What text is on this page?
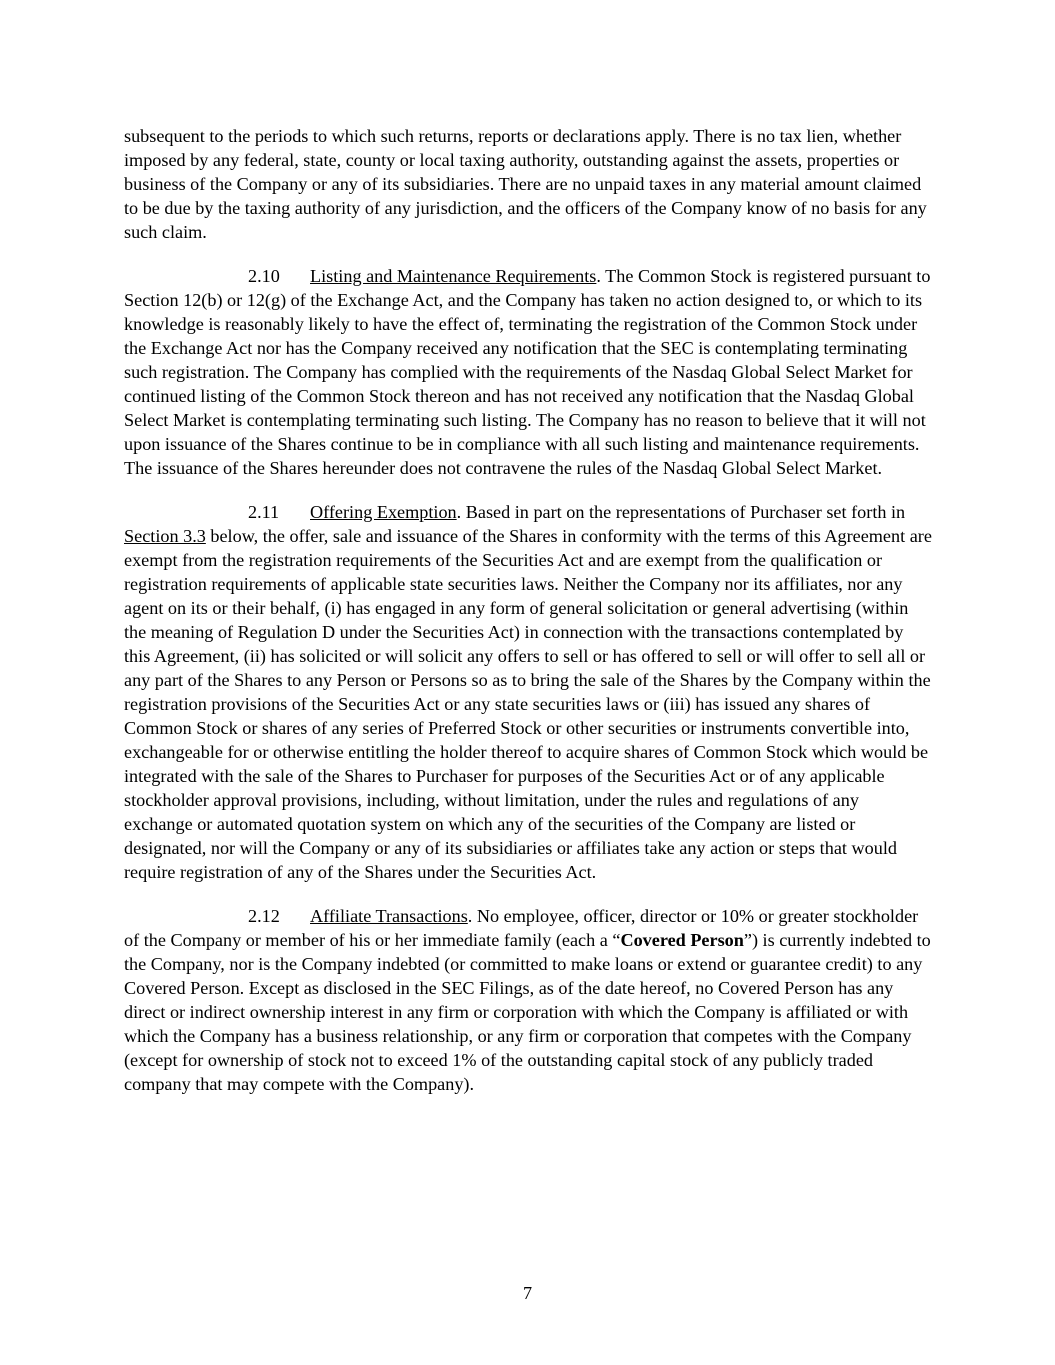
subsequent to the periods to which such returns, reports or declarations apply. There is no tax lien, whether imposed by any federal, state, county or local taxing authority, outstanding against the assets, properties or business of the Company or any of its subsidiaries. There are no unpaid taxes in any material amount claimed to be due by the taxing authority of any jurisdiction, and the officers of the Company know of no basis for any such claim.

2.10 Listing and Maintenance Requirements. The Common Stock is registered pursuant to Section 12(b) or 12(g) of the Exchange Act, and the Company has taken no action designed to, or which to its knowledge is reasonably likely to have the effect of, terminating the registration of the Common Stock under the Exchange Act nor has the Company received any notification that the SEC is contemplating terminating such registration. The Company has complied with the requirements of the Nasdaq Global Select Market for continued listing of the Common Stock thereon and has not received any notification that the Nasdaq Global Select Market is contemplating terminating such listing. The Company has no reason to believe that it will not upon issuance of the Shares continue to be in compliance with all such listing and maintenance requirements. The issuance of the Shares hereunder does not contravene the rules of the Nasdaq Global Select Market.

2.11 Offering Exemption. Based in part on the representations of Purchaser set forth in Section 3.3 below, the offer, sale and issuance of the Shares in conformity with the terms of this Agreement are exempt from the registration requirements of the Securities Act and are exempt from the qualification or registration requirements of applicable state securities laws. Neither the Company nor its affiliates, nor any agent on its or their behalf, (i) has engaged in any form of general solicitation or general advertising (within the meaning of Regulation D under the Securities Act) in connection with the transactions contemplated by this Agreement, (ii) has solicited or will solicit any offers to sell or has offered to sell or will offer to sell all or any part of the Shares to any Person or Persons so as to bring the sale of the Shares by the Company within the registration provisions of the Securities Act or any state securities laws or (iii) has issued any shares of Common Stock or shares of any series of Preferred Stock or other securities or instruments convertible into, exchangeable for or otherwise entitling the holder thereof to acquire shares of Common Stock which would be integrated with the sale of the Shares to Purchaser for purposes of the Securities Act or of any applicable stockholder approval provisions, including, without limitation, under the rules and regulations of any exchange or automated quotation system on which any of the securities of the Company are listed or designated, nor will the Company or any of its subsidiaries or affiliates take any action or steps that would require registration of any of the Shares under the Securities Act.

2.12 Affiliate Transactions. No employee, officer, director or 10% or greater stockholder of the Company or member of his or her immediate family (each a “Covered Person”) is currently indebted to the Company, nor is the Company indebted (or committed to make loans or extend or guarantee credit) to any Covered Person. Except as disclosed in the SEC Filings, as of the date hereof, no Covered Person has any direct or indirect ownership interest in any firm or corporation with which the Company is affiliated or with which the Company has a business relationship, or any firm or corporation that competes with the Company (except for ownership of stock not to exceed 1% of the outstanding capital stock of any publicly traded company that may compete with the Company).

7
